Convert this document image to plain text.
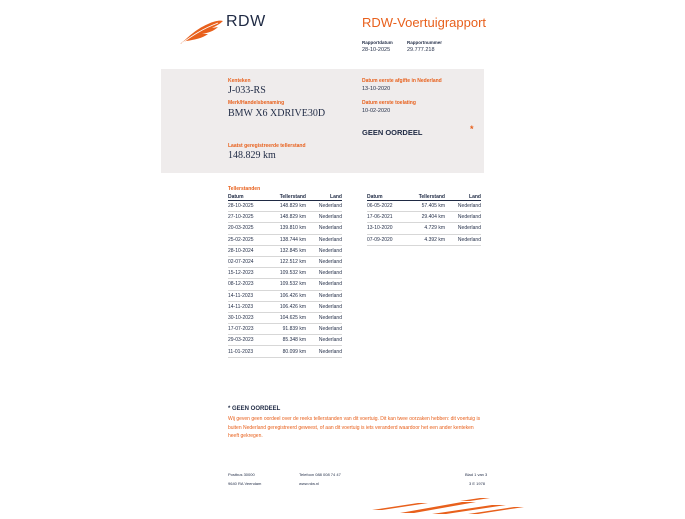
RDW	RDW-Voertuigrapport
Rapportdatum
28-10-2025
Rapportnummer
29.777.218
Kenteken
J-033-RS
Merk/Handelsbenaming
BMW X6 XDRIVE30D
Laatst geregistreerde tellerstand
148.829 km
Datum eerste afgifte in Nederland
13-10-2020
Datum eerste toelating
10-02-2020
GEEN OORDEEL	*
Tellerstanden
Datum	Tellerstand	Land
28-10-2025	148.829 km	Nederland
27-10-2025	148.829 km	Nederland
20-03-2025	139.810 km	Nederland
25-02-2025	138.744 km	Nederland
28-10-2024	132.845 km	Nederland
02-07-2024	122.512 km	Nederland
15-12-2023	109.532 km	Nederland
08-12-2023	109.532 km	Nederland
14-11-2023	106.426 km	Nederland
14-11-2023	106.426 km	Nederland
30-10-2023	104.625 km	Nederland
17-07-2023	91.839 km	Nederland
29-03-2023	85.348 km	Nederland
11-01-2023	80.099 km	Nederland
Datum	Tellerstand	Land
06-05-2022	57.405 km	Nederland
17-06-2021	29.404 km	Nederland
13-10-2020	4.729 km	Nederland
07-09-2020	4.392 km	Nederland
* GEEN OORDEEL
Wij geven geen oordeel over de reeks tellerstanden van dit voertuig. Dit kan twee oorzaken hebben: dit voertuig is buiten Nederland geregistreerd geweest, of aan dit voertuig is iets veranderd waardoor het een ander kenteken heeft gekregen.
Postbus 30000
9640 RA Veendam
Telefoon 088 008 74 47
www.rdw.nl
Blad 1 van 3
3 E 1978
